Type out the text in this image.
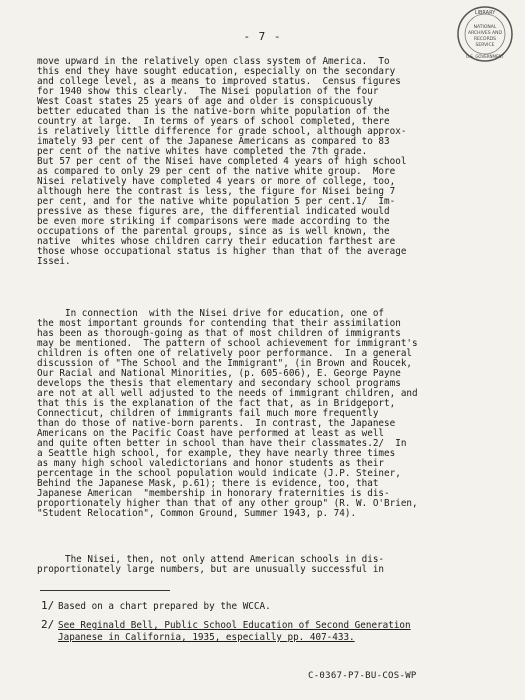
- 7 -
LIBRARY
NATIONAL
ARCHIVES AND
RECORDS
SERVICE
U.S. GOVERNMENT
move upward in the relatively open class system of America.  To
this end they have sought education, especially on the secondary
and college level, as a means to improved status.  Census figures
for 1940 show this clearly.  The Nisei population of the four
West Coast states 25 years of age and older is conspicuously
better educated than is the native-born white population of the
country at large.  In terms of years of school completed, there
is relatively little difference for grade school, although approx-
imately 93 per cent of the Japanese Americans as compared to 83
per cent of the native whites have completed the 7th grade.
But 57 per cent of the Nisei have completed 4 years of high school
as compared to only 29 per cent of the native white group.  More
Nisei relatively have completed 4 years or more of college, too,
although here the contrast is less, the figure for Nisei being 7
per cent, and for the native white population 5 per cent.1/  Im-
pressive as these figures are, the differential indicated would
be even more striking if comparisons were made according to the
occupations of the parental groups, since as is well known, the
native  whites whose children carry their education farthest are
those whose occupational status is higher than that of the average
Issei.
In connection  with the Nisei drive for education, one of
the most important grounds for contending that their assimilation
has been as thorough-going as that of most children of immigrants
may be mentioned.  The pattern of school achievement for immigrant's
children is often one of relatively poor performance.  In a general
discussion of "The School and the Immigrant", (in Brown and Roucek,
Our Racial and National Minorities, (p. 605-606), E. George Payne
develops the thesis that elementary and secondary school programs
are not at all well adjusted to the needs of immigrant children, and
that this is the explanation of the fact that, as in Bridgeport,
Connecticut, children of immigrants fail much more frequently
than do those of native-born parents.  In contrast, the Japanese
Americans on the Pacific Coast have performed at least as well
and quite often better in school than have their classmates.2/  In
a Seattle high school, for example, they have nearly three times
as many high school valedictorians and honor students as their
percentage in the school population would indicate (J.P. Steiner,
Behind the Japanese Mask, p.61); there is evidence, too, that
Japanese American  "membership in honorary fraternities is dis-
proportionately higher than that of any other group" (R. W. O'Brien,
"Student Relocation", Common Ground, Summer 1943, p. 74).
The Nisei, then, not only attend American schools in dis-
proportionately large numbers, but are unusually successful in
1/ Based on a chart prepared by the WCCA.
2/ See Reginald Bell, Public School Education of Second Generation
Japanese in California, 1935, especially pp. 407-433.
C-0367-P7-BU-COS-WP
